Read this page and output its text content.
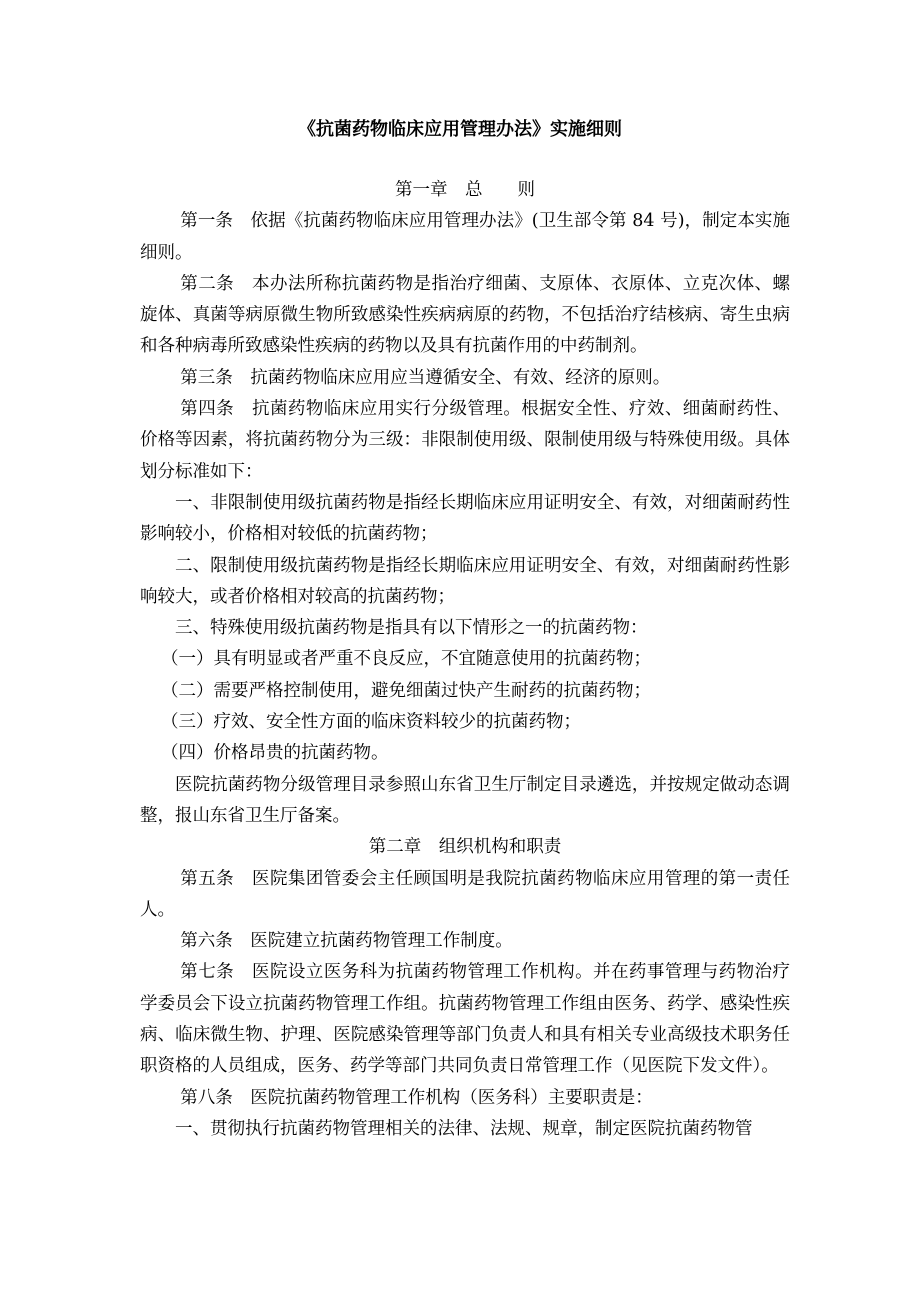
《抗菌药物临床应用管理办法》实施细则

第一章　总　　则

第一条　依据《抗菌药物临床应用管理办法》(卫生部令第 84 号)，制定本实施细则。

第二条　本办法所称抗菌药物是指治疗细菌、支原体、衣原体、立克次体、螺旋体、真菌等病原微生物所致感染性疾病病原的药物，不包括治疗结核病、寄生虫病和各种病毒所致感染性疾病的药物以及具有抗菌作用的中药制剂。

第三条　抗菌药物临床应用应当遵循安全、有效、经济的原则。

第四条　抗菌药物临床应用实行分级管理。根据安全性、疗效、细菌耐药性、价格等因素，将抗菌药物分为三级：非限制使用级、限制使用级与特殊使用级。具体划分标准如下：

一、非限制使用级抗菌药物是指经长期临床应用证明安全、有效，对细菌耐药性影响较小，价格相对较低的抗菌药物；

二、限制使用级抗菌药物是指经长期临床应用证明安全、有效，对细菌耐药性影响较大，或者价格相对较高的抗菌药物；

三、特殊使用级抗菌药物是指具有以下情形之一的抗菌药物：

（一）具有明显或者严重不良反应，不宜随意使用的抗菌药物；

（二）需要严格控制使用，避免细菌过快产生耐药的抗菌药物；

（三）疗效、安全性方面的临床资料较少的抗菌药物；

（四）价格昂贵的抗菌药物。

医院抗菌药物分级管理目录参照山东省卫生厅制定目录遴选，并按规定做动态调整，报山东省卫生厅备案。

第二章　组织机构和职责

第五条　医院集团管委会主任顾国明是我院抗菌药物临床应用管理的第一责任人。

第六条　医院建立抗菌药物管理工作制度。

第七条　医院设立医务科为抗菌药物管理工作机构。并在药事管理与药物治疗学委员会下设立抗菌药物管理工作组。抗菌药物管理工作组由医务、药学、感染性疾病、临床微生物、护理、医院感染管理等部门负责人和具有相关专业高级技术职务任职资格的人员组成，医务、药学等部门共同负责日常管理工作（见医院下发文件）。

第八条　医院抗菌药物管理工作机构（医务科）主要职责是：

一、贯彻执行抗菌药物管理相关的法律、法规、规章，制定医院抗菌药物管
